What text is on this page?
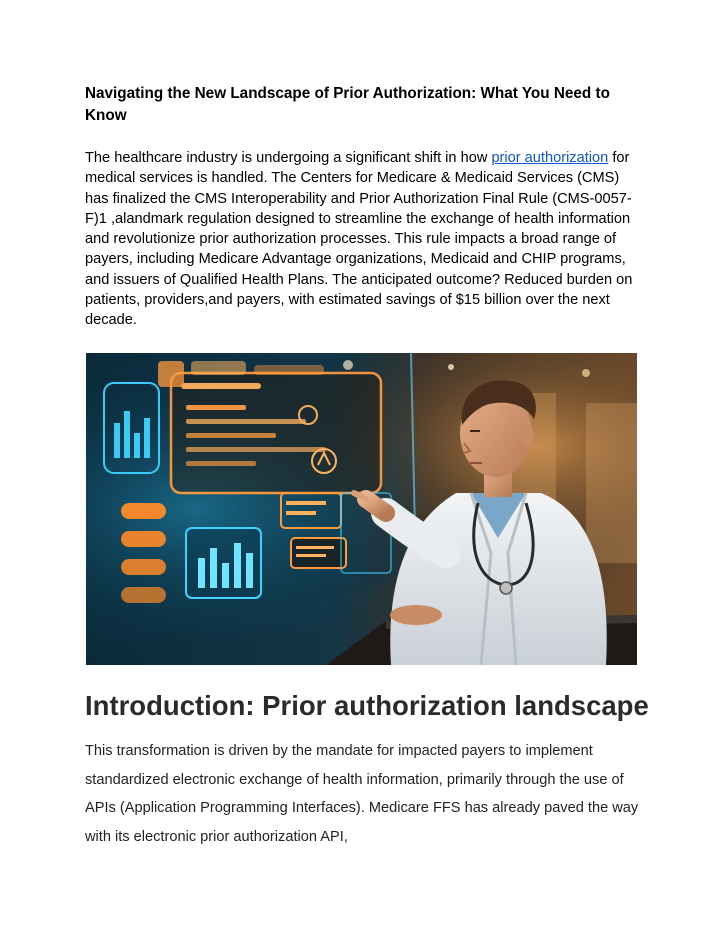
Navigating the New Landscape of Prior Authorization: What You Need to Know

The healthcare industry is undergoing a significant shift in how prior authorization for medical services is handled. The Centers for Medicare & Medicaid Services (CMS) has finalized the CMS Interoperability and Prior Authorization Final Rule (CMS-0057-F)1 ,alandmark regulation designed to streamline the exchange of health information and revolutionize prior authorization processes. This rule impacts a broad range of payers, including Medicare Advantage organizations, Medicaid and CHIP programs, and issuers of Qualified Health Plans. The anticipated outcome? Reduced burden on patients, providers,and payers, with estimated savings of $15 billion over the next decade.

Introduction: Prior authorization landscape

This transformation is driven by the mandate for impacted payers to implement standardized electronic exchange of health information, primarily through the use of APIs (Application Programming Interfaces). Medicare FFS has already paved the way with its electronic prior authorization API,
